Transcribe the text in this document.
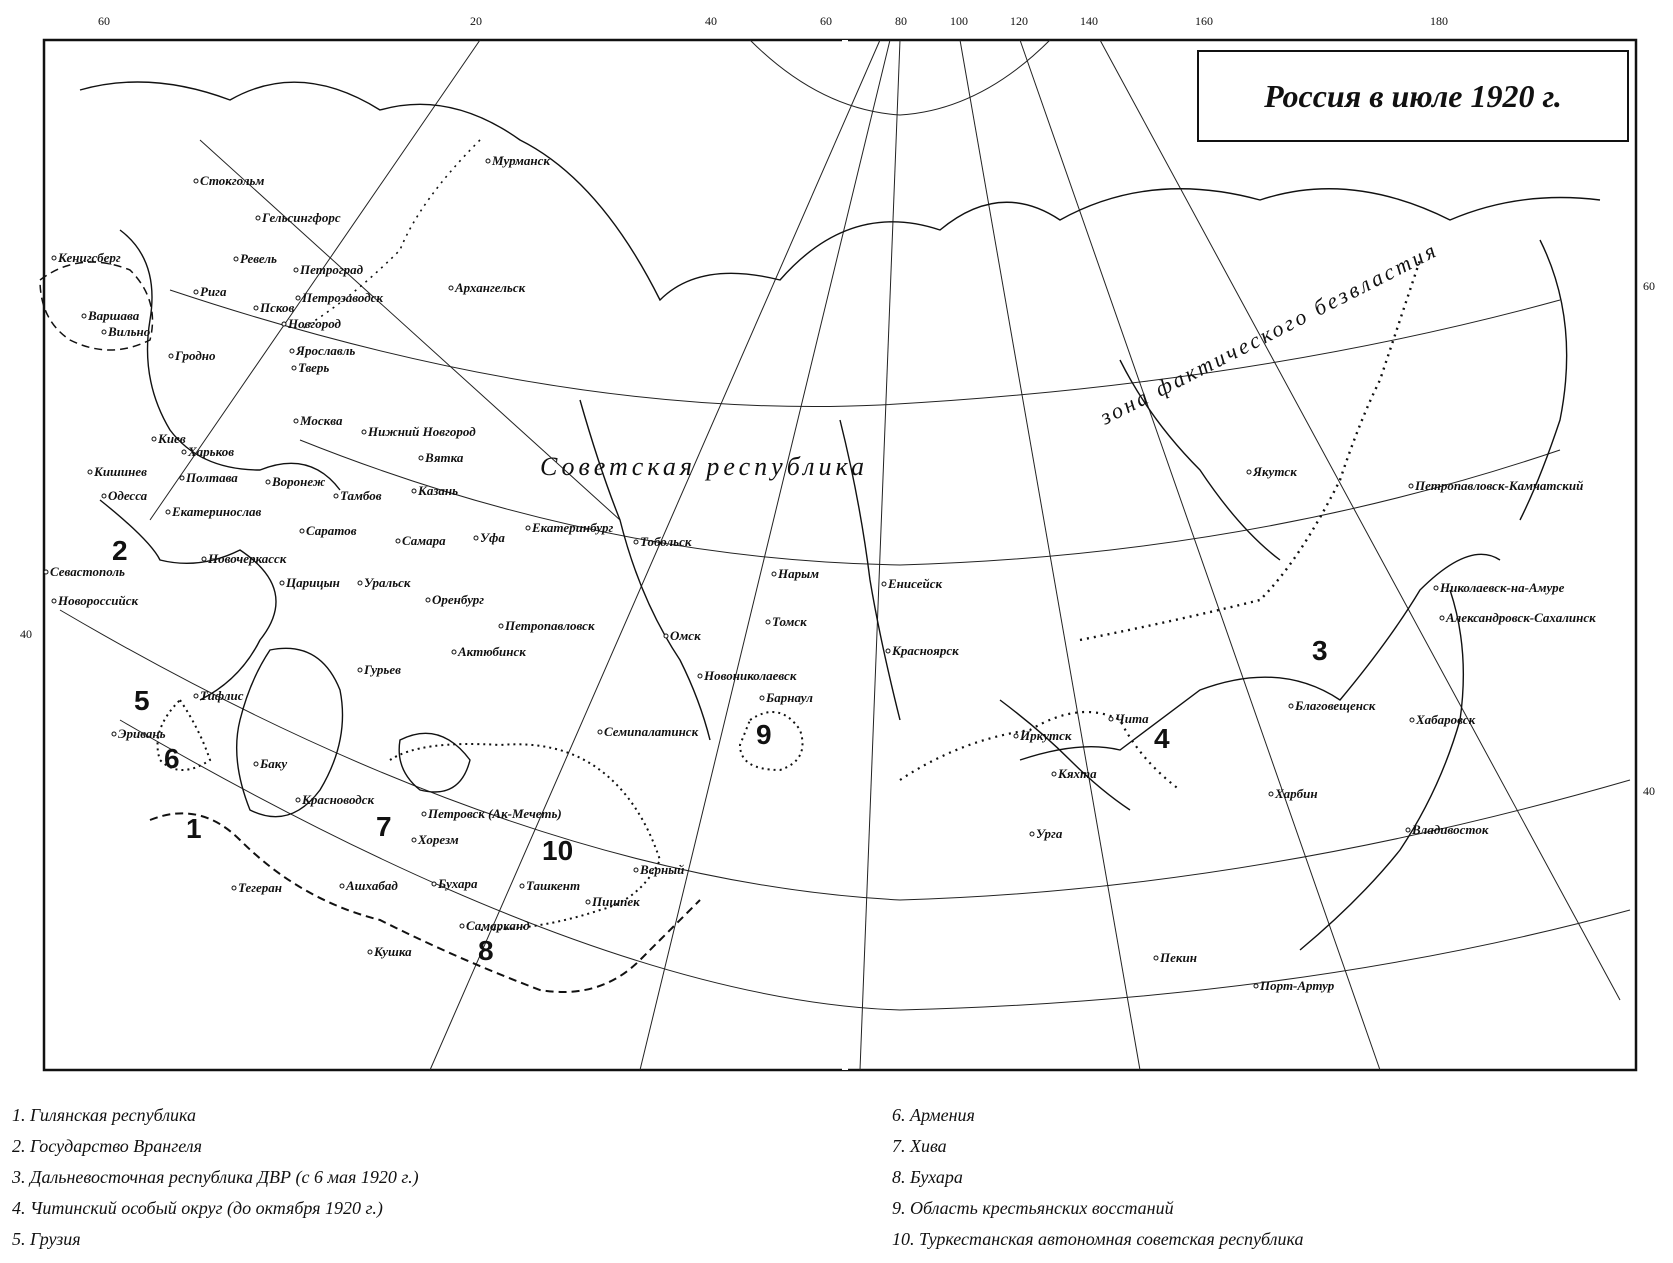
60	20	40	60	80	100	120	140	160	180
60
40
40
Советская республика
зона фактического безвластия
Мурманск
Стокгольм
Гельсингфорс
Кенигсберг	Ревель
Петроград
Петрозаводск
Архангельск
Рига
Варшава
Вильно
Псков
Новгород
Гродно	Ярославль
Тверь
Москва
Нижний Новгород
Киев
Харьков
Полтава	Воронеж
Вятка
Кишинев
Одесса	Тамбов	Казань
Екатеринослав
Саратов
Самара	Уфа
Севастополь
Новочеркасск
Новороссийск
Царицын Уральск
Оренбург
Екатеринбург
Тобольск
Нарым
Енисейск
Якутск
Петропавловск-Камчатский
Петропавловск
Омск
Томск
Николаевск-на-Амуре
Александровск-Сахалинск
Актюбинск
Гурьев
Тифлис
Новониколаевск
Красноярск
Барнаул
Благовещенск
Эривань	Семипалатинск	Иркутск
Чита	Хабаровск
Баку
Кяхта
Красноводск
Петровск (Ак-Мечеть)
Харбин
Хорезм	Урга	Владивосток
Тегеран	Ашхабад	Бухара	Ташкент
Верный
Пишпек
Самарканд
Кушка	Пекин
Порт-Артур
1
2
3
4
5
6
7
8
9
10
Россия в июле 1920 г.
1. Гилянская республика
2. Государство Врангеля
3. Дальневосточная республика ДВР (с 6 мая 1920 г.)
4. Читинский особый округ (до октября 1920 г.)
5. Грузия
6. Армения
7. Хива
8. Бухара
9. Область крестьянских восстаний
10. Туркестанская автономная советская республика
